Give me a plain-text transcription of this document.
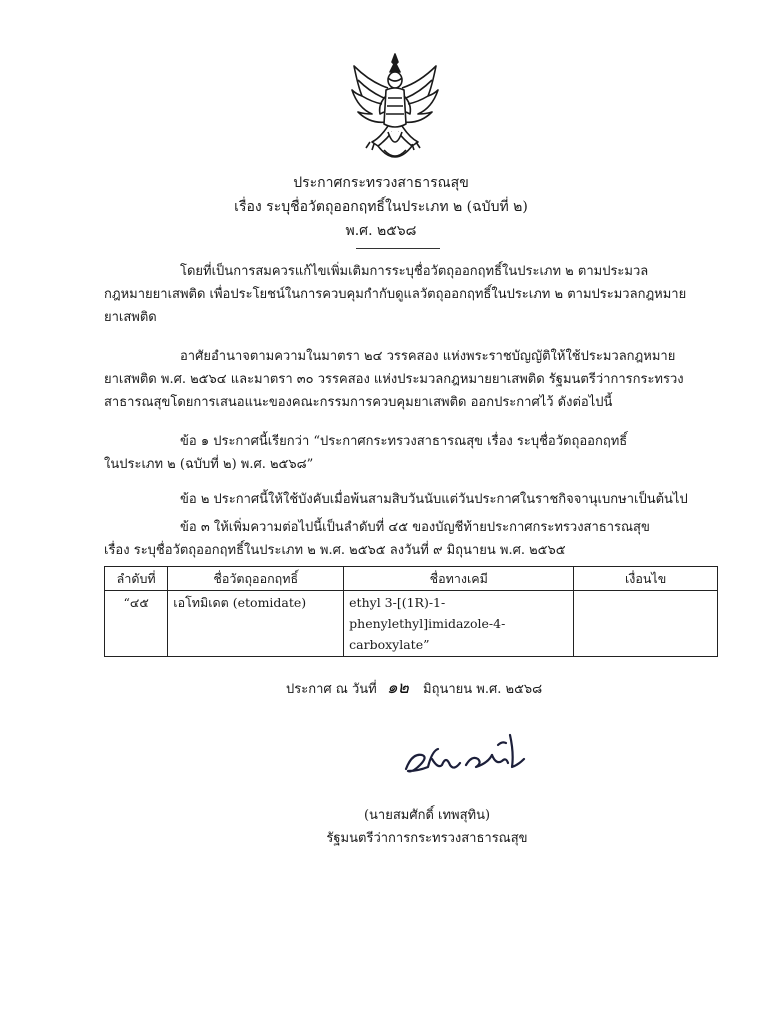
ประกาศกระทรวงสาธารณสุข
เรื่อง ระบุชื่อวัตถุออกฤทธิ์ในประเภท ๒ (ฉบับที่ ๒)
พ.ศ. ๒๕๖๘
โดยที่เป็นการสมควรแก้ไขเพิ่มเติมการระบุชื่อวัตถุออกฤทธิ์ในประเภท ๒ ตามประมวล
กฎหมายยาเสพติด เพื่อประโยชน์ในการควบคุมกำกับดูแลวัตถุออกฤทธิ์ในประเภท ๒ ตามประมวลกฎหมาย
ยาเสพติด
อาศัยอำนาจตามความในมาตรา ๒๔ วรรคสอง แห่งพระราชบัญญัติให้ใช้ประมวลกฎหมาย
ยาเสพติด พ.ศ. ๒๕๖๔ และมาตรา ๓๐ วรรคสอง แห่งประมวลกฎหมายยาเสพติด รัฐมนตรีว่าการกระทรวง
สาธารณสุขโดยการเสนอแนะของคณะกรรมการควบคุมยาเสพติด ออกประกาศไว้ ดังต่อไปนี้
ข้อ ๑ ประกาศนี้เรียกว่า “ประกาศกระทรวงสาธารณสุข เรื่อง ระบุชื่อวัตถุออกฤทธิ์
ในประเภท ๒ (ฉบับที่ ๒) พ.ศ. ๒๕๖๘”
ข้อ ๒ ประกาศนี้ให้ใช้บังคับเมื่อพ้นสามสิบวันนับแต่วันประกาศในราชกิจจานุเบกษาเป็นต้นไป
ข้อ ๓ ให้เพิ่มความต่อไปนี้เป็นลำดับที่ ๔๕ ของบัญชีท้ายประกาศกระทรวงสาธารณสุข
เรื่อง ระบุชื่อวัตถุออกฤทธิ์ในประเภท ๒ พ.ศ. ๒๕๖๕ ลงวันที่ ๙ มิถุนายน พ.ศ. ๒๕๖๕
ลำดับที่	ชื่อวัตถุออกฤทธิ์	ชื่อทางเคมี	เงื่อนไข
“๔๕	เอโทมิเดต (etomidate)	ethyl 3-[(1R)-1-
phenylethyl]imidazole-4-
carboxylate”	
ประกาศ ณ วันที่ ๑๒ มิถุนายน พ.ศ. ๒๕๖๘
(นายสมศักดิ์ เทพสุทิน)
รัฐมนตรีว่าการกระทรวงสาธารณสุข
